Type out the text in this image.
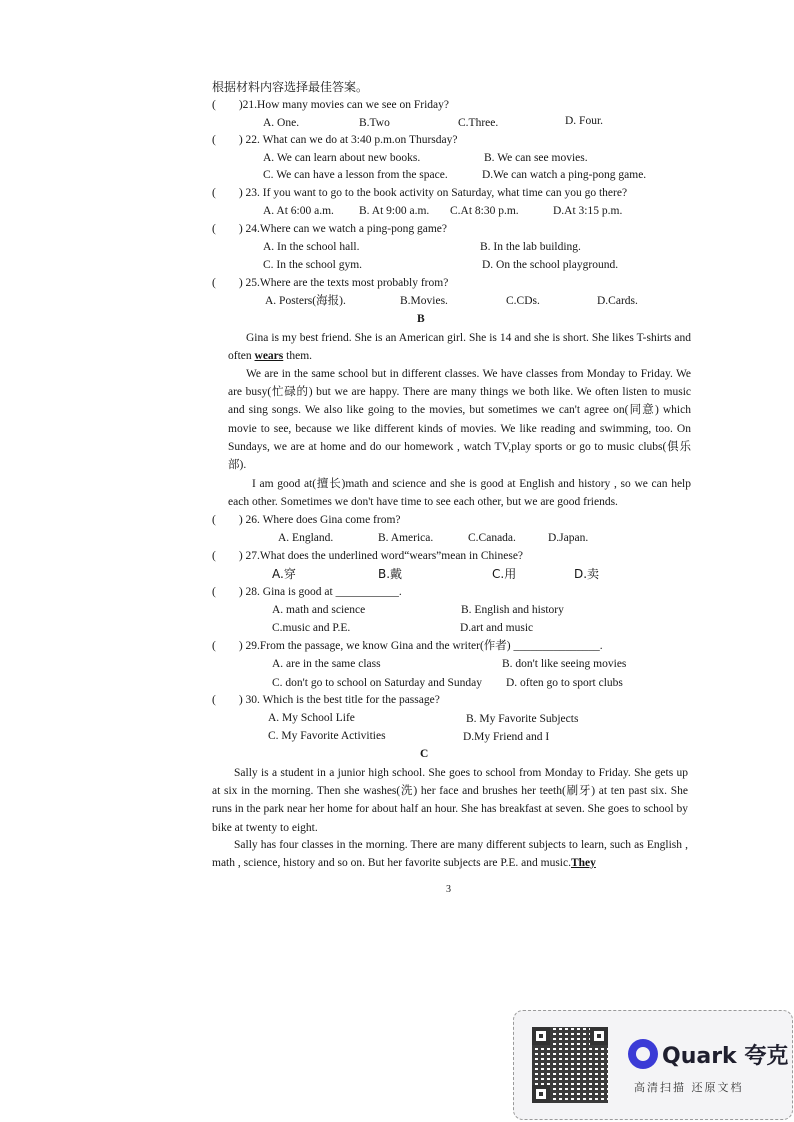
根据材料内容选择最佳答案。
(　　)21.How many movies can we see on Friday?
A. One.	B.Two	C.Three.	D. Four.
(　　) 22. What can we do at 3:40 p.m.on Thursday?
A. We can learn about new books.	B. We can see movies.
C. We can have a lesson from the space.	D.We can watch a ping-pong game.
(　　) 23. If you want to go to the book activity on Saturday, what time can you go there?
A. At 6:00 a.m. B. At 9:00 a.m. C.At 8:30 p.m.	D.At 3:15 p.m.
(　　) 24.Where can we watch a ping-pong game?
A. In the school hall.	B. In the lab building.
C. In the school gym.	D. On the school playground.
(　　) 25.Where are the texts most probably from?
A. Posters(海报).	B.Movies.	C.CDs.	D.Cards.
B
Gina is my best friend. She is an American girl. She is 14 and she is short. She likes T-shirts and often wears them.
We are in the same school but in different classes. We have classes from Monday to Friday. We are busy(忙碌的) but we are happy. There are many things we both like. We often listen to music and sing songs. We also like going to the movies, but sometimes we can't agree on(同意) which movie to see, because we like different kinds of movies. We like reading and swimming, too. On Sundays, we are at home and do our homework , watch TV,play sports or go to music clubs(俱乐部).
I am good at(擅长)math and science and she is good at English and history , so we can help each other. Sometimes we don't have time to see each other, but we are good friends.
(　　) 26. Where does Gina come from?
A. England.	B. America.	C.Canada.	D.Japan.
(　　) 27.What does the underlined word“wears”mean in Chinese?
A.穿	B.戴	C.用	D.卖
(　　) 28. Gina is good at ___________.
A. math and science	B. English and history
C.music and P.E.	D.art and music
(　　) 29.From the passage, we know Gina and the writer(作者) _______________.
A. are in the same class	B. don't like seeing movies
C. don't go to school on Saturday and Sunday D. often go to sport clubs
(　　) 30. Which is the best title for the passage?
A. My School Life	B. My Favorite Subjects
C. My Favorite Activities	D.My Friend and I
C
Sally is a student in a junior high school. She goes to school from Monday to Friday. She gets up at six in the morning. Then she washes(洗) her face and brushes her teeth(刷牙) at ten past six. She runs in the park near her home for about half an hour. She has breakfast at seven. She goes to school by bike at twenty to eight.
Sally has four classes in the morning. There are many different subjects to learn, such as English , math , science, history and so on. But her favorite subjects are P.E. and music.They
3
Quark 夸克
高清扫描 还原文档
